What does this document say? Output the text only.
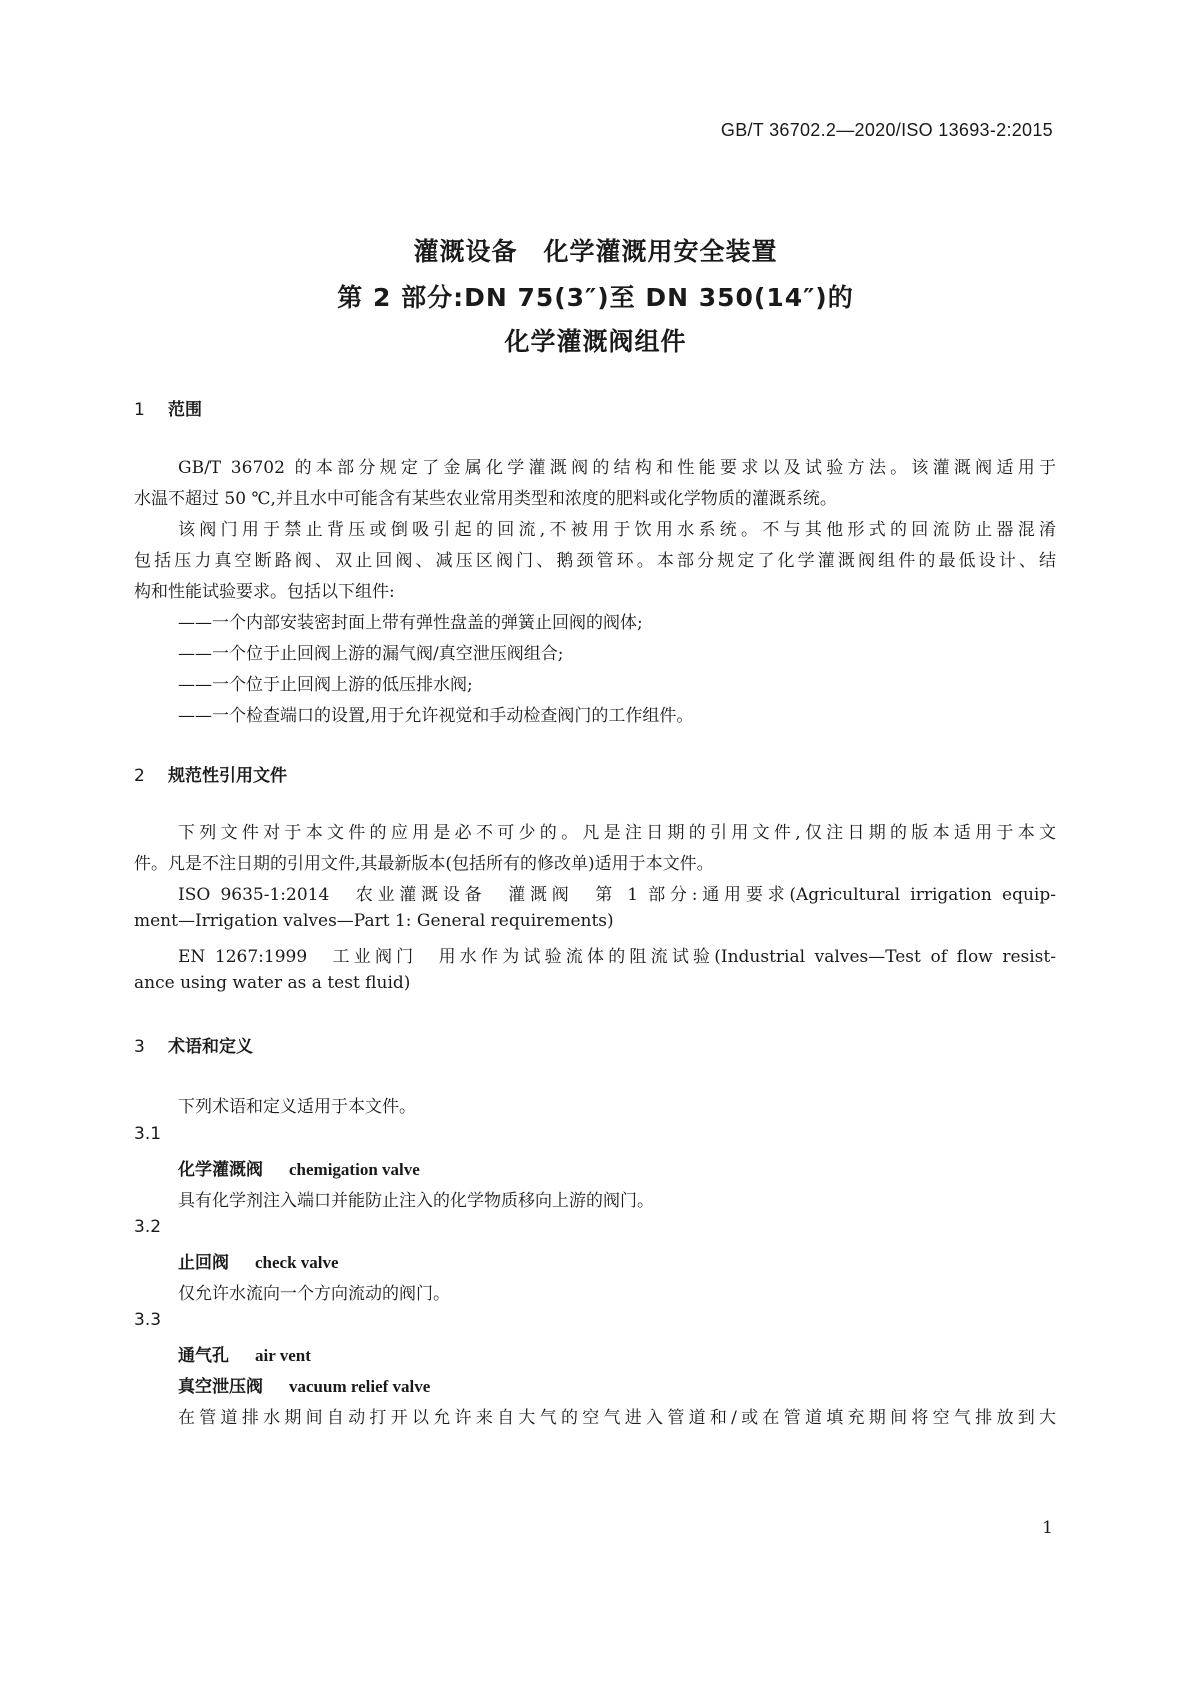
GB/T 36702.2—2020/ISO 13693-2:2015
灌溉设备　化学灌溉用安全装置
第 2 部分:DN 75(3″)至 DN 350(14″)的
化学灌溉阀组件
1 范围
GB/T 36702 的本部分规定了金属化学灌溉阀的结构和性能要求以及试验方法。该灌溉阀适用于
水温不超过 50 ℃,并且水中可能含有某些农业常用类型和浓度的肥料或化学物质的灌溉系统。
该阀门用于禁止背压或倒吸引起的回流,不被用于饮用水系统。不与其他形式的回流防止器混淆
包括压力真空断路阀、双止回阀、减压区阀门、鹅颈管环。本部分规定了化学灌溉阀组件的最低设计、结
构和性能试验要求。包括以下组件:
——一个内部安装密封面上带有弹性盘盖的弹簧止回阀的阀体;
——一个位于止回阀上游的漏气阀/真空泄压阀组合;
——一个位于止回阀上游的低压排水阀;
——一个检查端口的设置,用于允许视觉和手动检查阀门的工作组件。
2 规范性引用文件
下列文件对于本文件的应用是必不可少的。凡是注日期的引用文件,仅注日期的版本适用于本文
件。凡是不注日期的引用文件,其最新版本(包括所有的修改单)适用于本文件。
ISO 9635-1:2014　农业灌溉设备　灌溉阀　第 1 部分:通用要求(Agricultural irrigation equip-
ment—Irrigation valves—Part 1: General requirements)
EN 1267:1999　工业阀门　用水作为试验流体的阻流试验(Industrial valves—Test of flow resist-
ance using water as a test fluid)
3 术语和定义
下列术语和定义适用于本文件。
3.1
化学灌溉阀 chemigation valve
具有化学剂注入端口并能防止注入的化学物质移向上游的阀门。
3.2
止回阀 check valve
仅允许水流向一个方向流动的阀门。
3.3
通气孔 air vent
真空泄压阀 vacuum relief valve
在管道排水期间自动打开以允许来自大气的空气进入管道和/或在管道填充期间将空气排放到大
1
